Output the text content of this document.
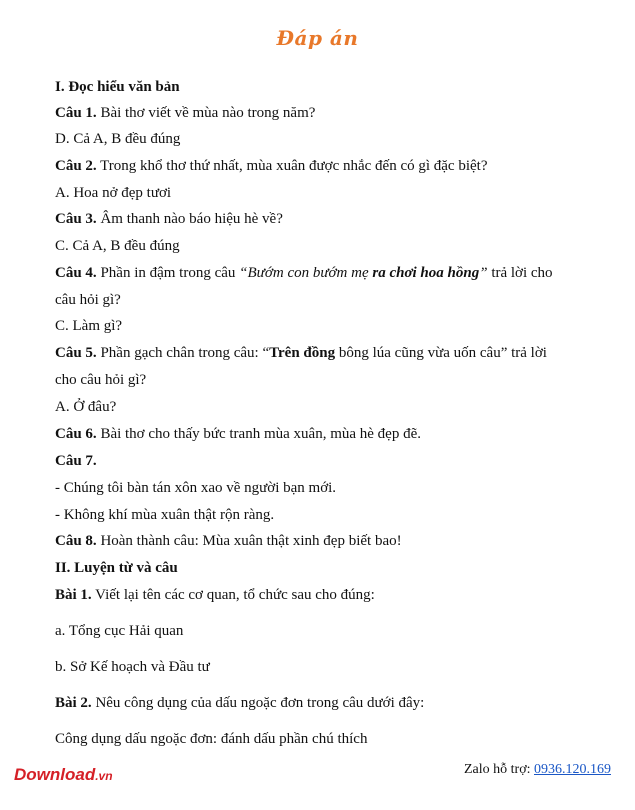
Đáp án
I. Đọc hiểu văn bản
Câu 1. Bài thơ viết về mùa nào trong năm?
D. Cả A, B đều đúng
Câu 2. Trong khổ thơ thứ nhất, mùa xuân được nhắc đến có gì đặc biệt?
A. Hoa nở đẹp tươi
Câu 3. Âm thanh nào báo hiệu hè về?
C. Cả A, B đều đúng
Câu 4. Phần in đậm trong câu “Bướm con bướm mẹ ra chơi hoa hồng” trả lời cho
câu hỏi gì?
C. Làm gì?
Câu 5. Phần gạch chân trong câu: “Trên đồng bông lúa cũng vừa uốn câu” trả lời
cho câu hỏi gì?
A. Ở đâu?
Câu 6. Bài thơ cho thấy bức tranh mùa xuân, mùa hè đẹp đẽ.
Câu 7.
- Chúng tôi bàn tán xôn xao về người bạn mới.
- Không khí mùa xuân thật rộn ràng.
Câu 8. Hoàn thành câu: Mùa xuân thật xinh đẹp biết bao!
II. Luyện từ và câu
Bài 1. Viết lại tên các cơ quan, tổ chức sau cho đúng:
a. Tổng cục Hải quan
b. Sở Kế hoạch và Đầu tư
Bài 2. Nêu công dụng của dấu ngoặc đơn trong câu dưới đây:
Công dụng dấu ngoặc đơn: đánh dấu phần chú thích
Download.vn	Zalo hỗ trợ: 0936.120.169
